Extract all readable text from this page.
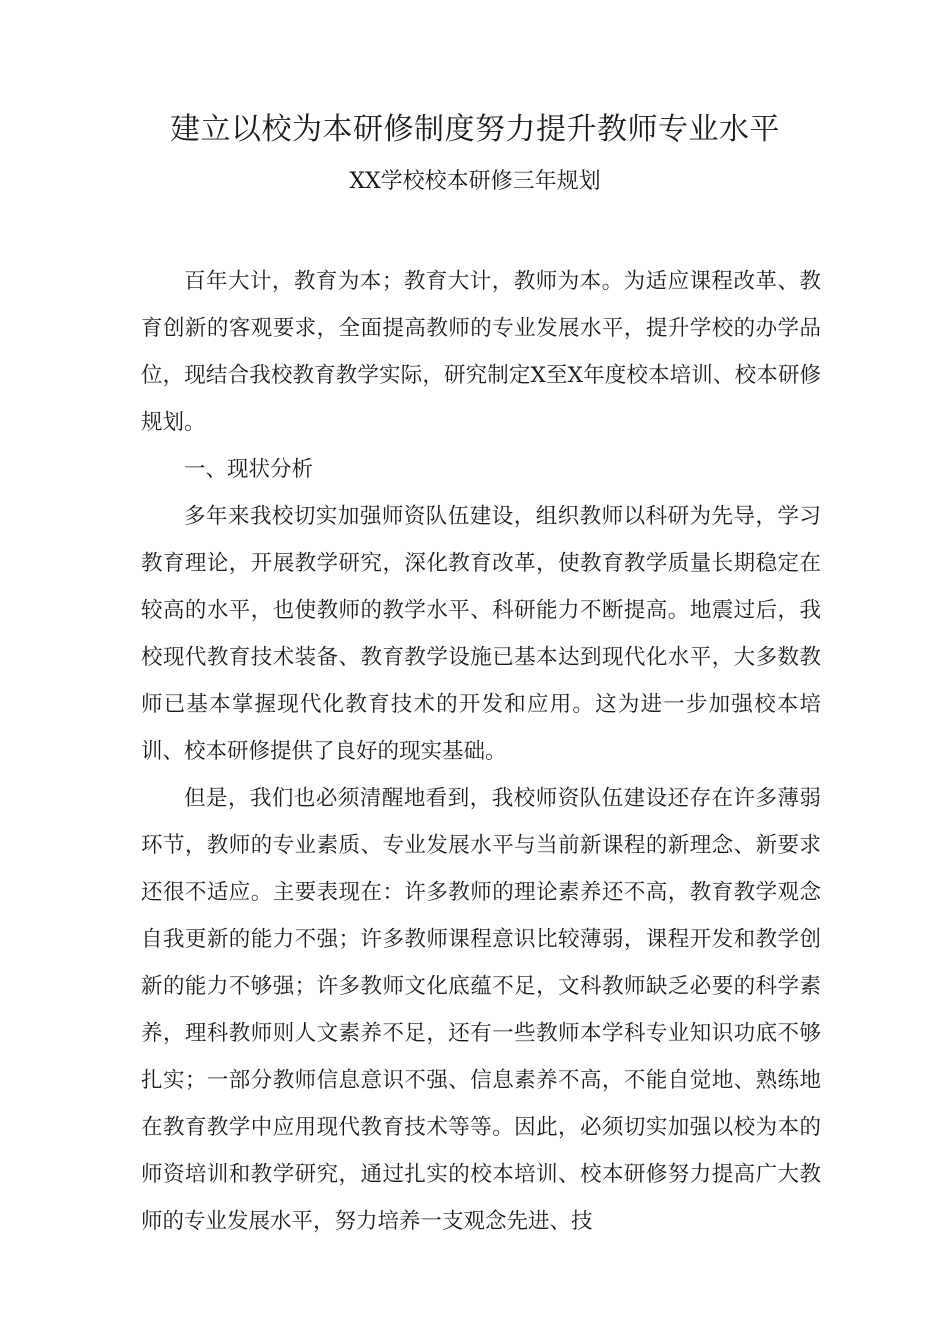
建立以校为本研修制度努力提升教师专业水平
XX学校校本研修三年规划

百年大计，教育为本；教育大计，教师为本。为适应课程改革、教育创新的客观要求，全面提高教师的专业发展水平，提升学校的办学品位，现结合我校教育教学实际，研究制定X至X年度校本培训、校本研修规划。

一、现状分析

多年来我校切实加强师资队伍建设，组织教师以科研为先导，学习教育理论，开展教学研究，深化教育改革，使教育教学质量长期稳定在较高的水平，也使教师的教学水平、科研能力不断提高。地震过后，我校现代教育技术装备、教育教学设施已基本达到现代化水平，大多数教师已基本掌握现代化教育技术的开发和应用。这为进一步加强校本培训、校本研修提供了良好的现实基础。

但是，我们也必须清醒地看到，我校师资队伍建设还存在许多薄弱环节，教师的专业素质、专业发展水平与当前新课程的新理念、新要求还很不适应。主要表现在：许多教师的理论素养还不高，教育教学观念自我更新的能力不强；许多教师课程意识比较薄弱，课程开发和教学创新的能力不够强；许多教师文化底蕴不足，文科教师缺乏必要的科学素养，理科教师则人文素养不足，还有一些教师本学科专业知识功底不够扎实；一部分教师信息意识不强、信息素养不高，不能自觉地、熟练地在教育教学中应用现代教育技术等等。因此，必须切实加强以校为本的师资培训和教学研究，通过扎实的校本培训、校本研修努力提高广大教师的专业发展水平，努力培养一支观念先进、技
